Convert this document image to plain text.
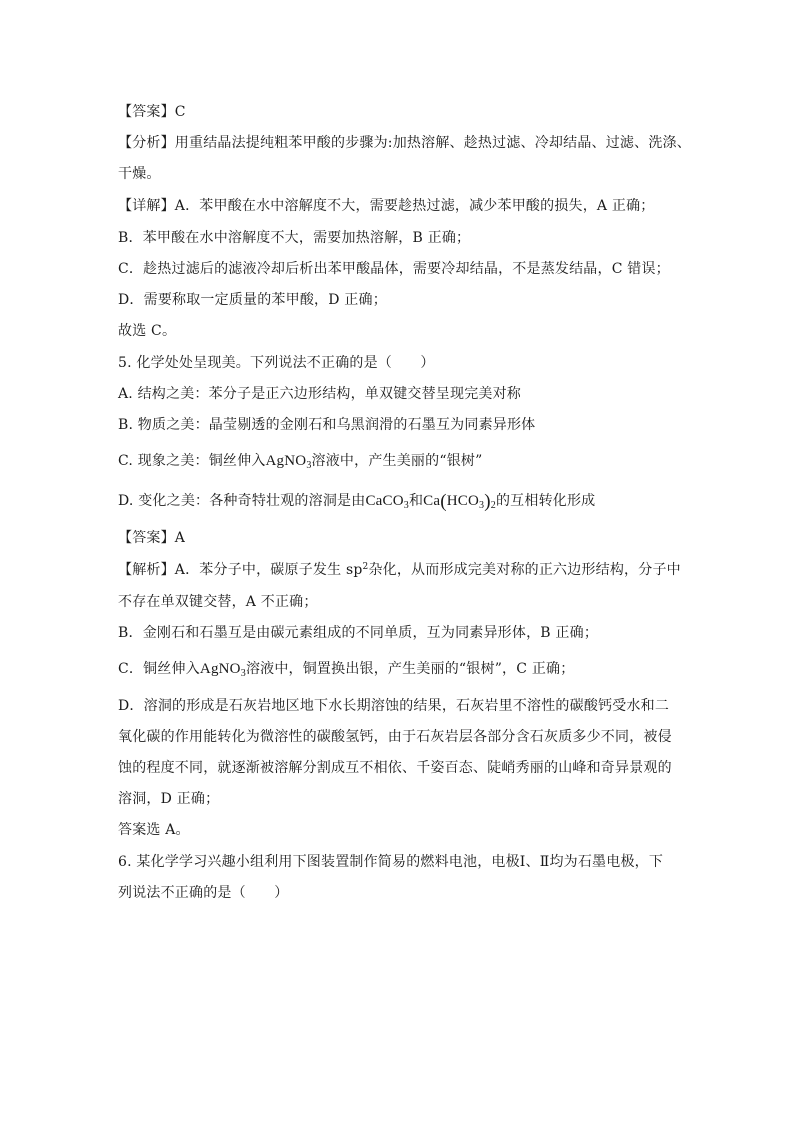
【答案】C
【分析】用重结晶法提纯粗苯甲酸的步骤为:加热溶解、趁热过滤、冷却结晶、过滤、洗涤、
干燥。
【详解】A．苯甲酸在水中溶解度不大，需要趁热过滤，减少苯甲酸的损失，A 正确；
B．苯甲酸在水中溶解度不大，需要加热溶解，B 正确；
C．趁热过滤后的滤液冷却后析出苯甲酸晶体，需要冷却结晶，不是蒸发结晶，C 错误；
D．需要称取一定质量的苯甲酸，D 正确；
故选 C。
5. 化学处处呈现美。下列说法不正确的是（　　）
A. 结构之美：苯分子是正六边形结构，单双键交替呈现完美对称
B. 物质之美：晶莹剔透的金刚石和乌黑润滑的石墨互为同素异形体
C. 现象之美：铜丝伸入AgNO$_3$溶液中，产生美丽的“银树”
D. 变化之美：各种奇特壮观的溶洞是由CaCO$_3$和$Ca(HCO_3)_2$的互相转化形成
【答案】A
【解析】A．苯分子中，碳原子发生 $sp^2$杂化，从而形成完美对称的正六边形结构，分子中
不存在单双键交替，A 不正确；
B．金刚石和石墨互是由碳元素组成的不同单质，互为同素异形体，B 正确；
C．铜丝伸入AgNO$_3$溶液中，铜置换出银，产生美丽的“银树”，C 正确；
D．溶洞的形成是石灰岩地区地下水长期溶蚀的结果，石灰岩里不溶性的碳酸钙受水和二
氧化碳的作用能转化为微溶性的碳酸氢钙，由于石灰岩层各部分含石灰质多少不同，被侵
蚀的程度不同，就逐渐被溶解分割成互不相依、千姿百态、陡峭秀丽的山峰和奇异景观的
溶洞，D 正确；
答案选 A。
6. 某化学学习兴趣小组利用下图装置制作简易的燃料电池，电极Ⅰ、Ⅱ均为石墨电极，下
列说法不正确的是（　　）
